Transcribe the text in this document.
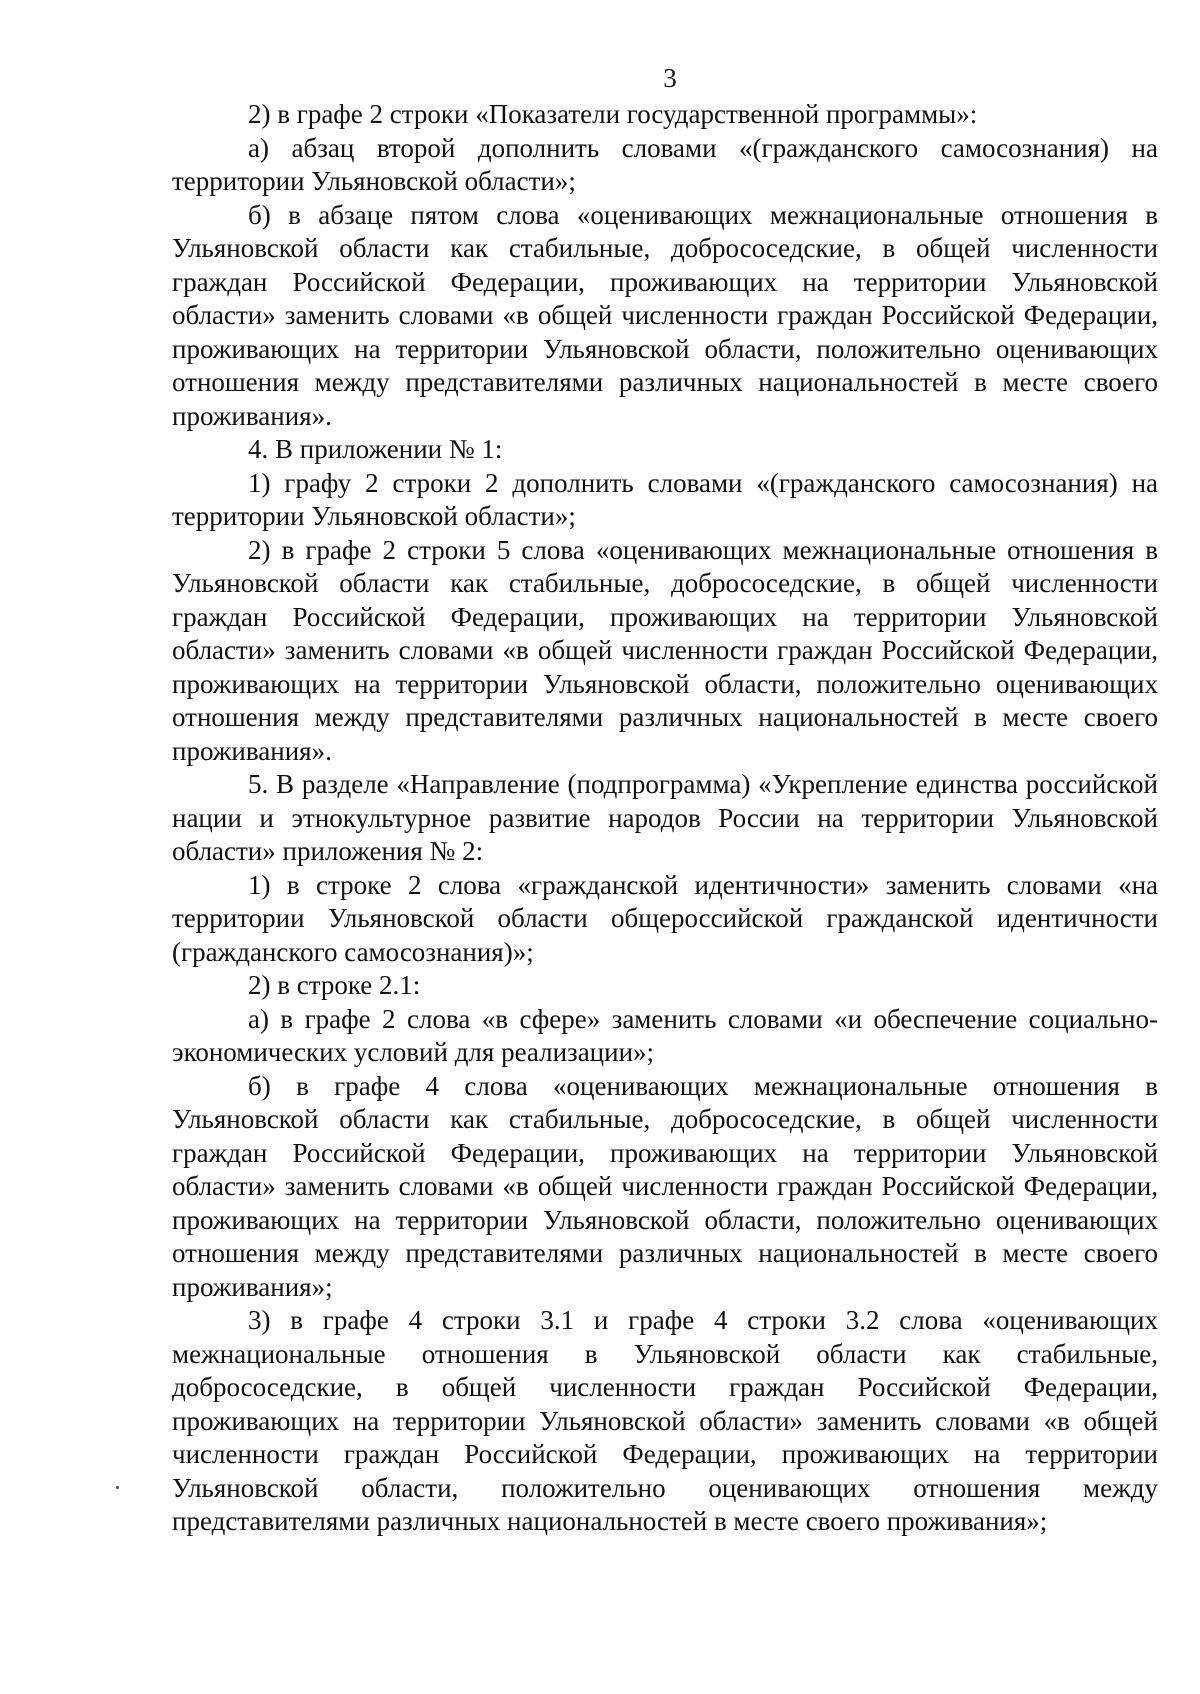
3

2) в графе 2 строки «Показатели государственной программы»:

а) абзац второй дополнить словами «(гражданского самосознания) на территории Ульяновской области»;

б) в абзаце пятом слова «оценивающих межнациональные отношения в Ульяновской области как стабильные, добрососедские, в общей численности граждан Российской Федерации, проживающих на территории Ульяновской области» заменить словами «в общей численности граждан Российской Федерации, проживающих на территории Ульяновской области, положительно оценивающих отношения между представителями различных национальностей в месте своего проживания».

4. В приложении № 1:

1) графу 2 строки 2 дополнить словами «(гражданского самосознания) на территории Ульяновской области»;

2) в графе 2 строки 5 слова «оценивающих межнациональные отношения в Ульяновской области как стабильные, добрососедские, в общей численности граждан Российской Федерации, проживающих на территории Ульяновской области» заменить словами «в общей численности граждан Российской Федерации, проживающих на территории Ульяновской области, положительно оценивающих отношения между представителями различных национальностей в месте своего проживания».

5. В разделе «Направление (подпрограмма) «Укрепление единства российской нации и этнокультурное развитие народов России на территории Ульяновской области» приложения № 2:

1) в строке 2 слова «гражданской идентичности» заменить словами «на территории Ульяновской области общероссийской гражданской идентичности (гражданского самосознания)»;

2) в строке 2.1:

а) в графе 2 слова «в сфере» заменить словами «и обеспечение социально-экономических условий для реализации»;

б) в графе 4 слова «оценивающих межнациональные отношения в Ульяновской области как стабильные, добрососедские, в общей численности граждан Российской Федерации, проживающих на территории Ульяновской области» заменить словами «в общей численности граждан Российской Федерации, проживающих на территории Ульяновской области, положительно оценивающих отношения между представителями различных национальностей в месте своего проживания»;

3) в графе 4 строки 3.1 и графе 4 строки 3.2 слова «оценивающих межнациональные отношения в Ульяновской области как стабильные, добрососедские, в общей численности граждан Российской Федерации, проживающих на территории Ульяновской области» заменить словами «в общей численности граждан Российской Федерации, проживающих на территории Ульяновской области, положительно оценивающих отношения между представителями различных национальностей в месте своего проживания»;
